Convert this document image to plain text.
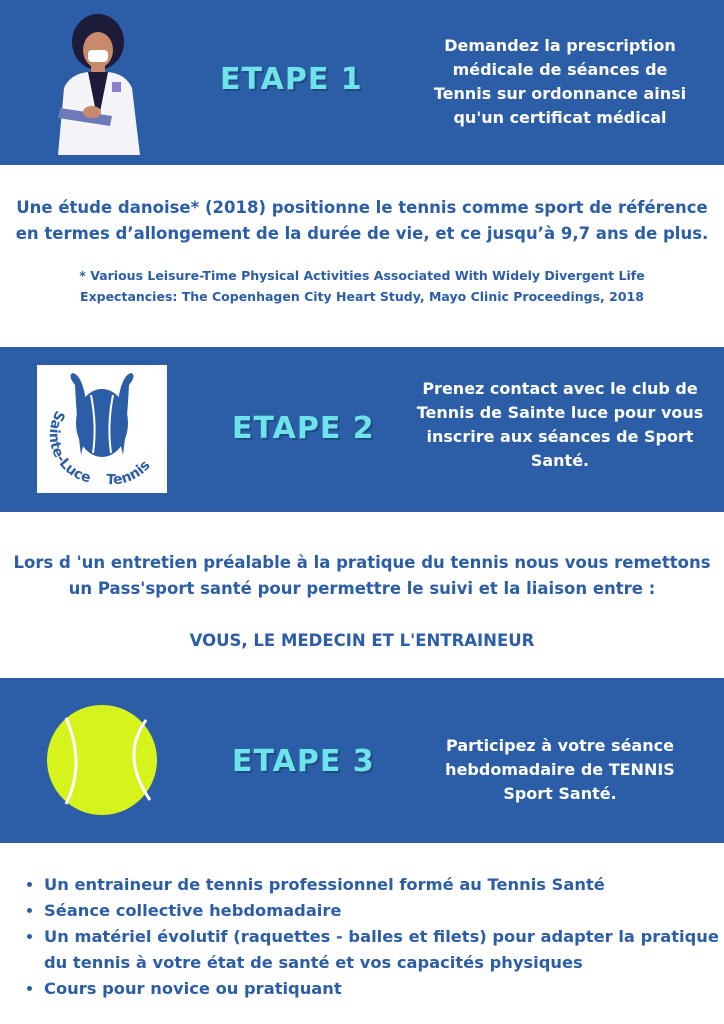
ETAPE 1
Demandez la prescription
médicale de séances de
Tennis sur ordonnance ainsi
qu'un certificat médical
Une étude danoise* (2018) positionne le tennis comme sport de référence
en termes d’allongement de la durée de vie, et ce jusqu’à 9,7 ans de plus.
* Various Leisure-Time Physical Activities Associated With Widely Divergent Life
Expectancies: The Copenhagen City Heart Study, Mayo Clinic Proceedings, 2018
Sainte-Luce Tennis
ETAPE 2
Prenez contact avec le club de
Tennis de Sainte luce pour vous
inscrire aux séances de Sport
Santé.
Lors d 'un entretien préalable à la pratique du tennis nous vous remettons
un Pass'sport santé pour permettre le suivi et la liaison entre :
VOUS, LE MEDECIN ET L'ENTRAINEUR
ETAPE 3	Participez à votre séance
hebdomadaire de TENNIS
Sport Santé.
• Un entraineur de tennis professionnel formé au Tennis Santé
• Séance collective hebdomadaire
• Un matériel évolutif (raquettes - balles et filets) pour adapter la pratique du tennis à votre état de santé et vos capacités physiques
• Cours pour novice ou pratiquant
